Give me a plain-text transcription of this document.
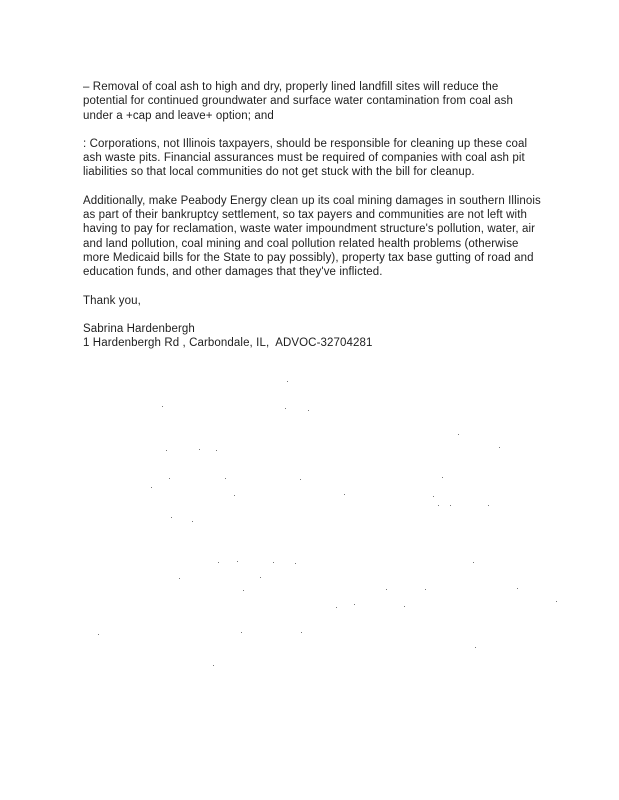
– Removal of coal ash to high and dry, properly lined landfill sites will reduce the potential for continued groundwater and surface water contamination from coal ash under a +cap and leave+ option; and

: Corporations, not Illinois taxpayers, should be responsible for cleaning up these coal ash waste pits. Financial assurances must be required of companies with coal ash pit liabilities so that local communities do not get stuck with the bill for cleanup.

Additionally, make Peabody Energy clean up its coal mining damages in southern Illinois as part of their bankruptcy settlement, so tax payers and communities are not left with having to pay for reclamation, waste water impoundment structure's pollution, water, air and land pollution, coal mining and coal pollution related health problems (otherwise more Medicaid bills for the State to pay possibly), property tax base gutting of road and education funds, and other damages that they've inflicted.

Thank you,

Sabrina Hardenbergh
1 Hardenbergh Rd , Carbondale, IL,  ADVOC-32704281
